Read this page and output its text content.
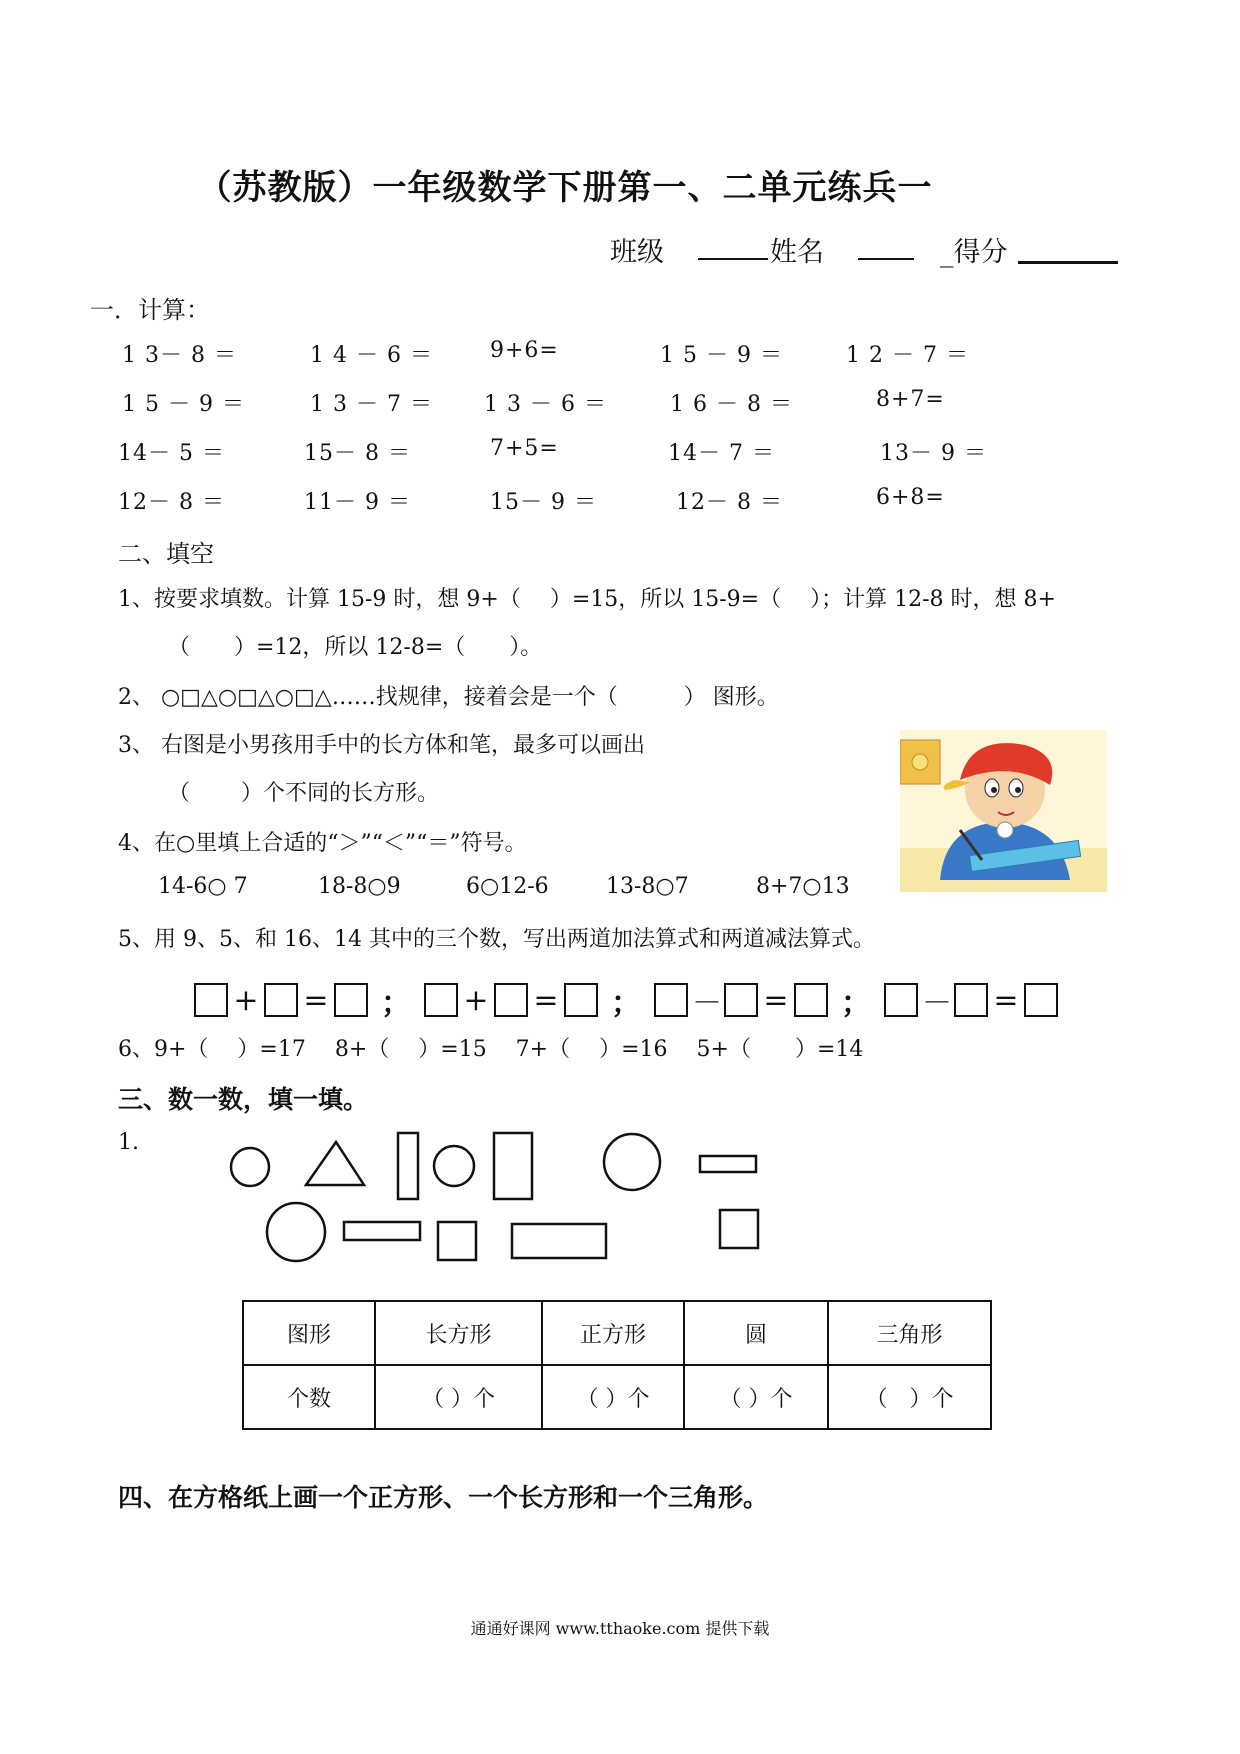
（苏教版）一年级数学下册第一、二单元练兵一
班级	姓名	_得分
一．计算：
1 3－ 8 ＝	1 4 － 6 ＝	9+6=	1 5 － 9 ＝	1 2 － 7 ＝
1 5 － 9 ＝	1 3 － 7 ＝ 1 3 － 6 ＝	1 6 － 8 ＝	8+7=
14－ 5 ＝	15－ 8 ＝	7+5=	14－ 7 ＝	13－ 9 ＝
12－ 8 ＝	11－ 9 ＝	15－ 9 ＝	12－ 8 ＝	6+8=
二、填空
1、按要求填数。计算 15-9 时，想 9+（　 ）=15，所以 15-9=（　 ）；计算 12-8 时，想 8+
（　　）=12，所以 12-8=（　　）。
2、 ○□△○□△○□△……找规律，接着会是一个（　　　） 图形。
3、 右图是小男孩用手中的长方体和笔，最多可以画出
（　　 ）个不同的长方形。
4、在○里填上合适的“＞”“＜”“＝”符号。
14-6○ 7	18-8○9	6○12-6	13-8○7	8+7○13
5、用 9、5、和 16、14 其中的三个数，写出两道加法算式和两道减法算式。
+ = ； + = ； － = ； － =
6、9+（　 ）=17　 8+（　 ）=15　 7+（　 ）=16　 5+（　　）=14
三、数一数，填一填。
1.
图形	长方形	正方形	圆	三角形
个数	（ ）个	（ ）个	（ ）个	（　）个
四、在方格纸上画一个正方形、一个长方形和一个三角形。
通通好课网 www.tthaoke.com 提供下载
